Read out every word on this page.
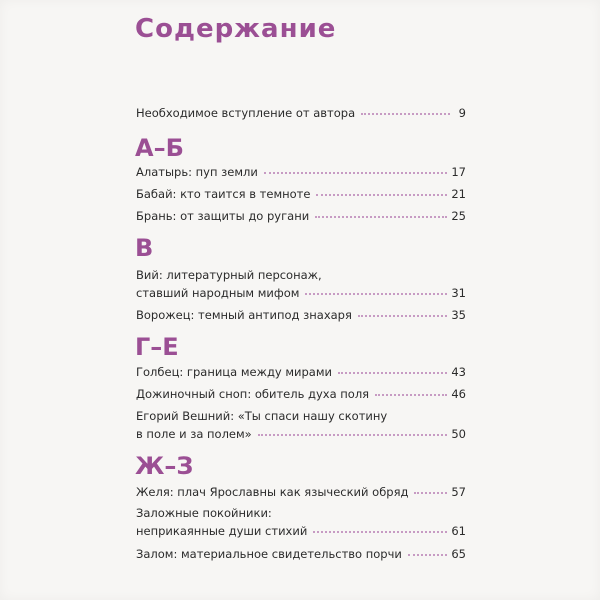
Содержание
Необходимое вступление от автора	9
А–Б
Алатырь: пуп земли	17
Бабай: кто таится в темноте	21
Брань: от защиты до ругани	25
В
Вий: литературный персонаж,
ставший народным мифом	31
Ворожец: темный антипод знахаря	35
Г–Е
Голбец: граница между мирами	43
Дожиночный сноп: обитель духа поля	46
Егорий Вешний: «Ты спаси нашу скотину
в поле и за полем»	50
Ж–З
Желя: плач Ярославны как языческий обряд	57
Заложные покойники:
неприкаянные души стихий	61
Залом: материальное свидетельство порчи	65
